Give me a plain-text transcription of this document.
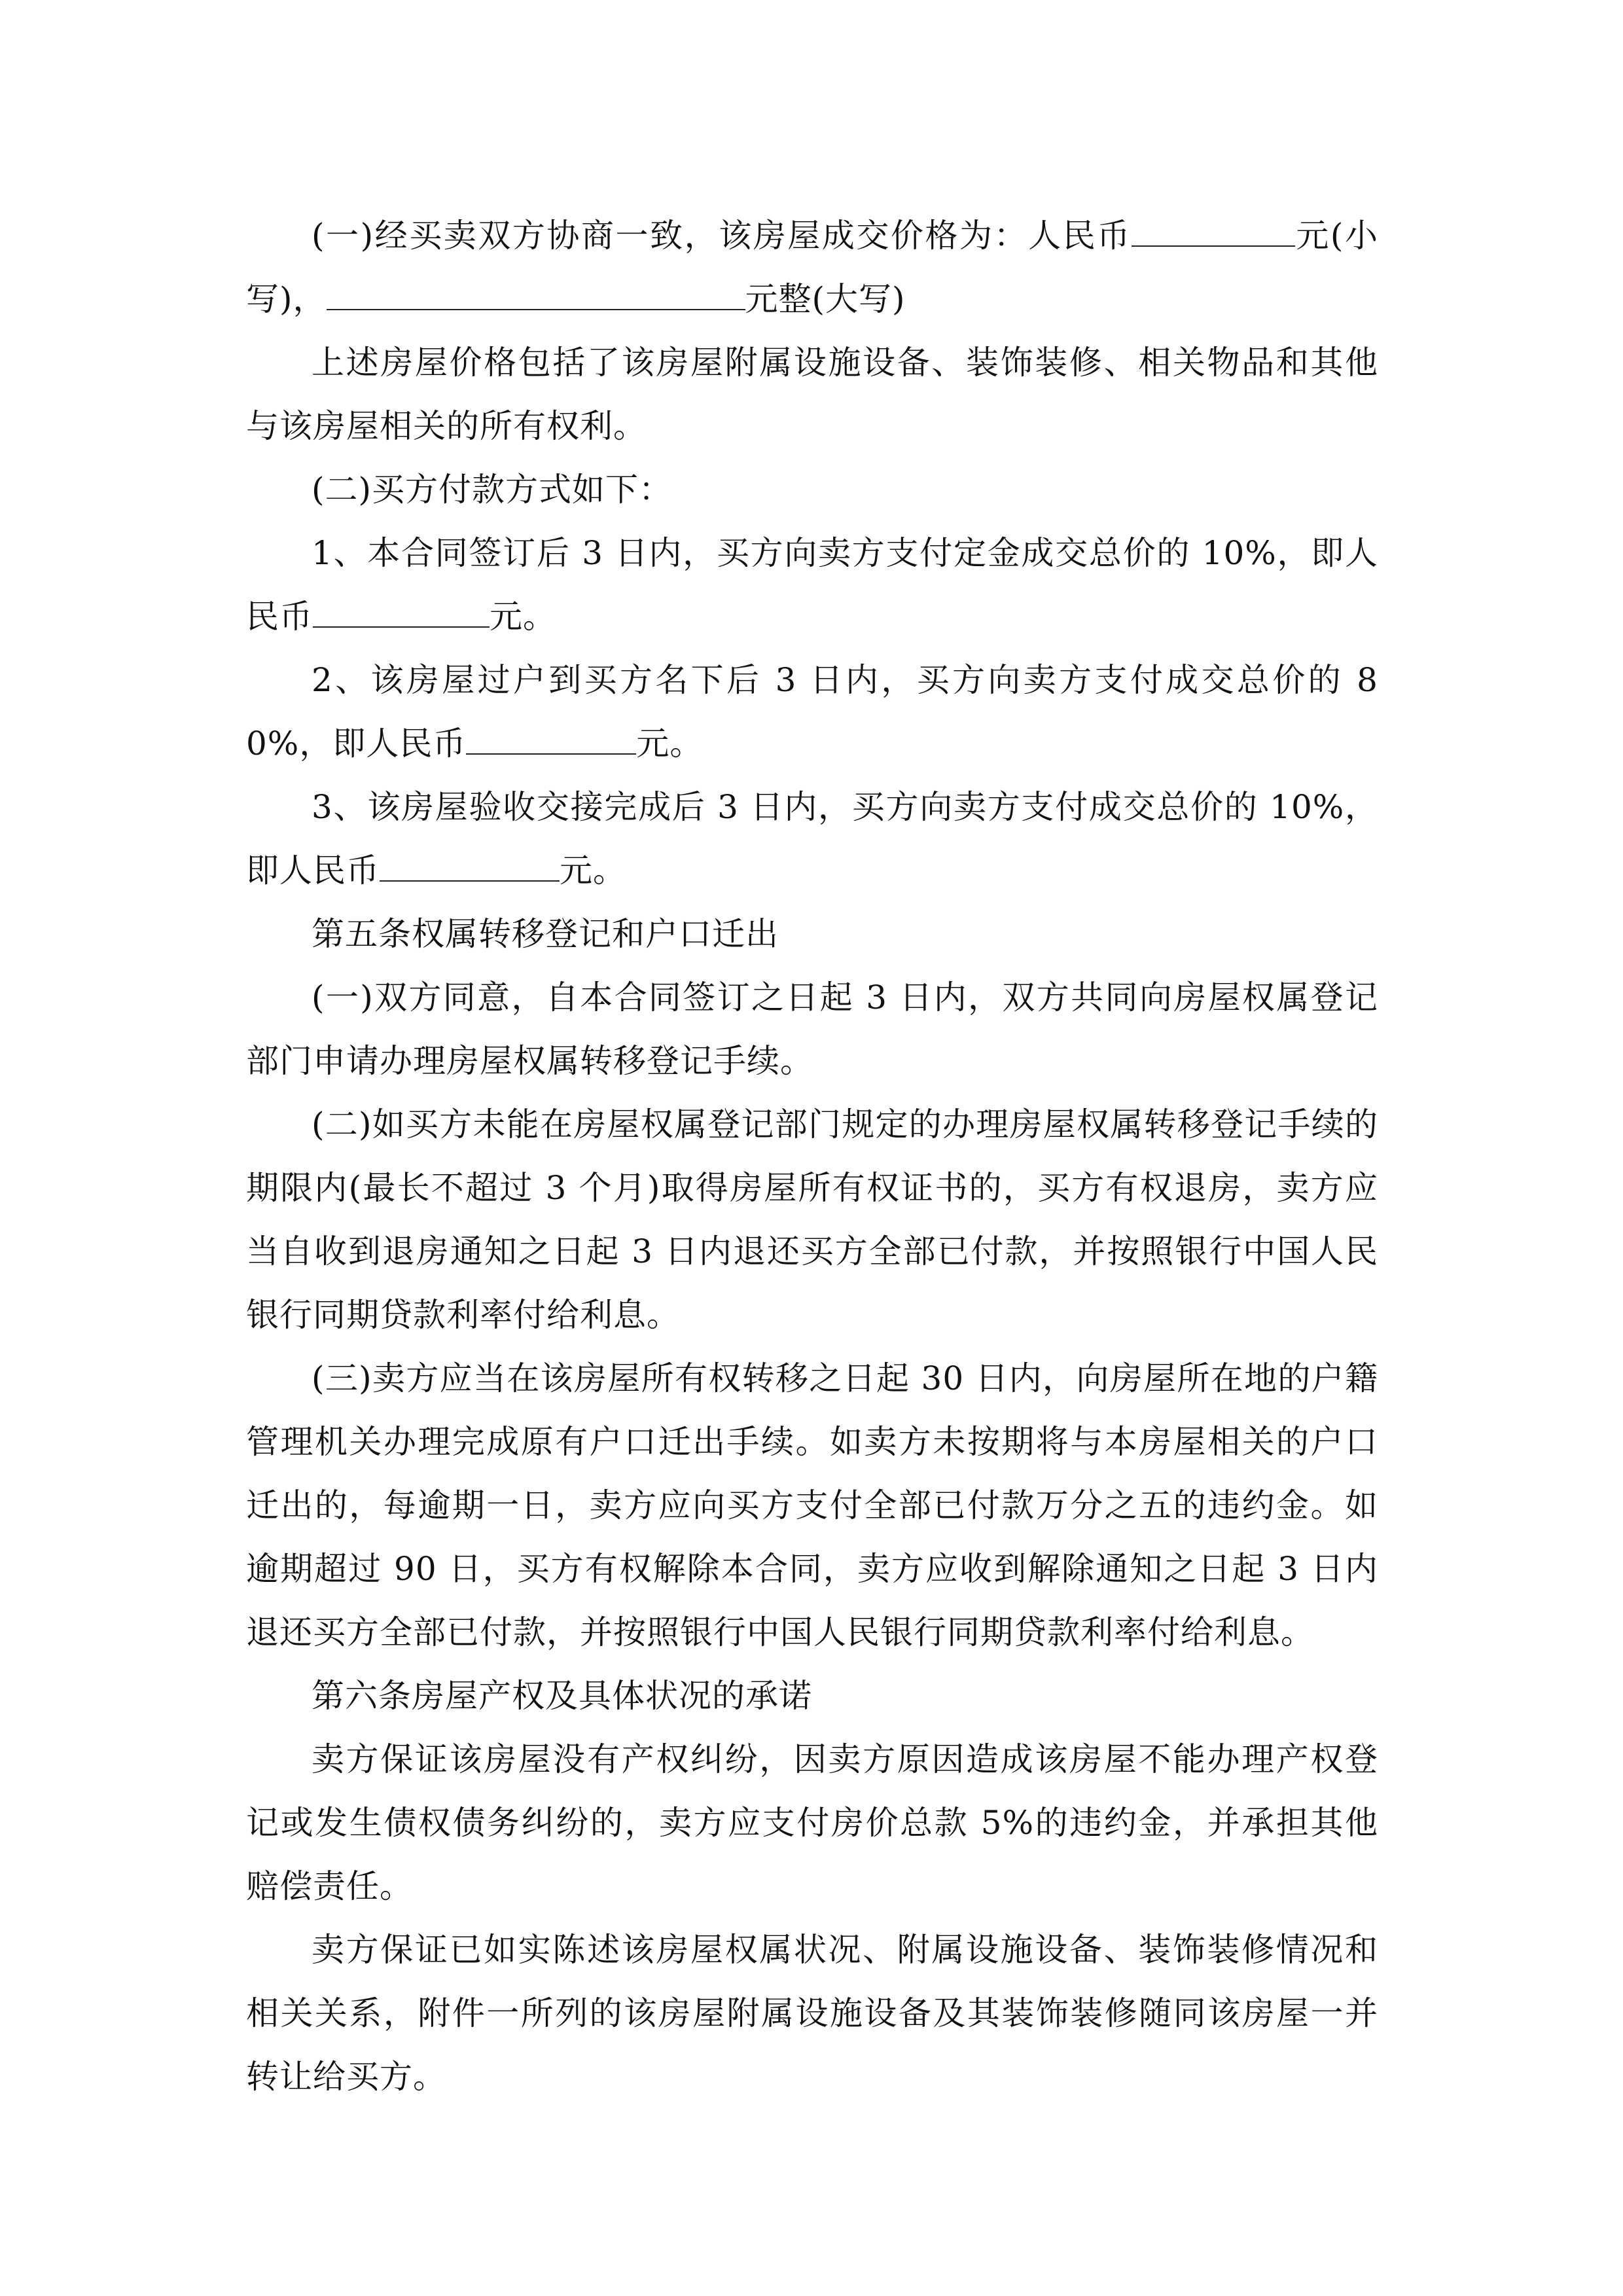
(一)经买卖双方协商一致，该房屋成交价格为：人民币	元(小写)，	元整(大写)

上述房屋价格包括了该房屋附属设施设备、装饰装修、相关物品和其他与该房屋相关的所有权利。

(二)买方付款方式如下：

1、本合同签订后 3 日内，买方向卖方支付定金成交总价的 10%，即人民币	元。

2、该房屋过户到买方名下后 3 日内，买方向卖方支付成交总价的 80%，即人民币	元。

3、该房屋验收交接完成后 3 日内，买方向卖方支付成交总价的 10%，即人民币	元。

第五条权属转移登记和户口迁出

(一)双方同意，自本合同签订之日起 3 日内，双方共同向房屋权属登记部门申请办理房屋权属转移登记手续。

(二)如买方未能在房屋权属登记部门规定的办理房屋权属转移登记手续的期限内(最长不超过 3 个月)取得房屋所有权证书的，买方有权退房，卖方应当自收到退房通知之日起 3 日内退还买方全部已付款，并按照银行中国人民银行同期贷款利率付给利息。

(三)卖方应当在该房屋所有权转移之日起 30 日内，向房屋所在地的户籍管理机关办理完成原有户口迁出手续。如卖方未按期将与本房屋相关的户口迁出的，每逾期一日，卖方应向买方支付全部已付款万分之五的违约金。如逾期超过 90 日，买方有权解除本合同，卖方应收到解除通知之日起 3 日内退还买方全部已付款，并按照银行中国人民银行同期贷款利率付给利息。

第六条房屋产权及具体状况的承诺

卖方保证该房屋没有产权纠纷，因卖方原因造成该房屋不能办理产权登记或发生债权债务纠纷的，卖方应支付房价总款 5%的违约金，并承担其他赔偿责任。

卖方保证已如实陈述该房屋权属状况、附属设施设备、装饰装修情况和相关关系，附件一所列的该房屋附属设施设备及其装饰装修随同该房屋一并转让给买方。
